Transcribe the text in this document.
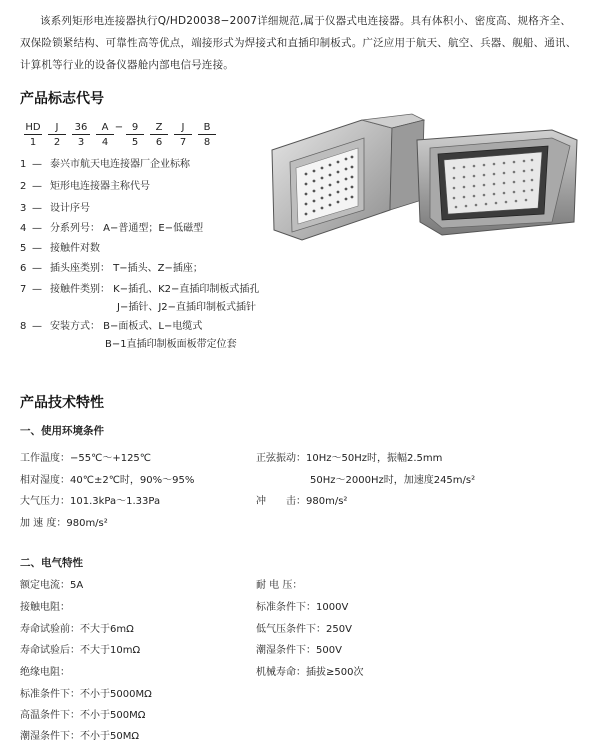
该系列矩形电连接器执行Q/HD20038−2007详细规范,属于仪器式电连接器。具有体积小、密度高、规格齐全、双保险锁紧结构、可靠性高等优点，端接形式为焊接式和直插印制板式。广泛应用于航天、航空、兵器、舰船、通讯、计算机等行业的设备仪器舱内部电信号连接。
产品标志代号
HD
1
J
2
36
3
A
4
− 9
5
Z
6
J
7
B
8
1 — 泰兴市航天电连接器厂企业标称
2 — 矩形电连接器主称代号
3 — 设计序号
4 — 分系列号： A−普通型；E−低磁型
5 — 接触件对数
6 — 插头座类别： T−插头、Z−插座；
7 — 接触件类别： K−插孔、K2−直插印制板式插孔
J−插针、J2−直插印制板式插针
8 — 安装方式： B−面板式、L−电缆式
B−1直插印制板面板带定位套
产品技术特性
一、使用环境条件
工作温度：−55℃～+125℃
相对湿度：40℃±2℃时，90%～95%
大气压力：101.3kPa～1.33Pa
加 速 度：980m/s²
正弦振动：10Hz～50Hz时，振幅2.5mm
50Hz～2000Hz时，加速度245m/s²
冲　　击：980m/s²
二、电气特性
额定电流：5A
接触电阻：
寿命试验前：不大于6mΩ
寿命试验后：不大于10mΩ
绝缘电阻：
标准条件下：不小于5000MΩ
高温条件下：不小于500MΩ
潮湿条件下：不小于50MΩ
耐 电 压：
标准条件下：1000V
低气压条件下：250V
潮湿条件下：500V
机械寿命：插拔≥500次
